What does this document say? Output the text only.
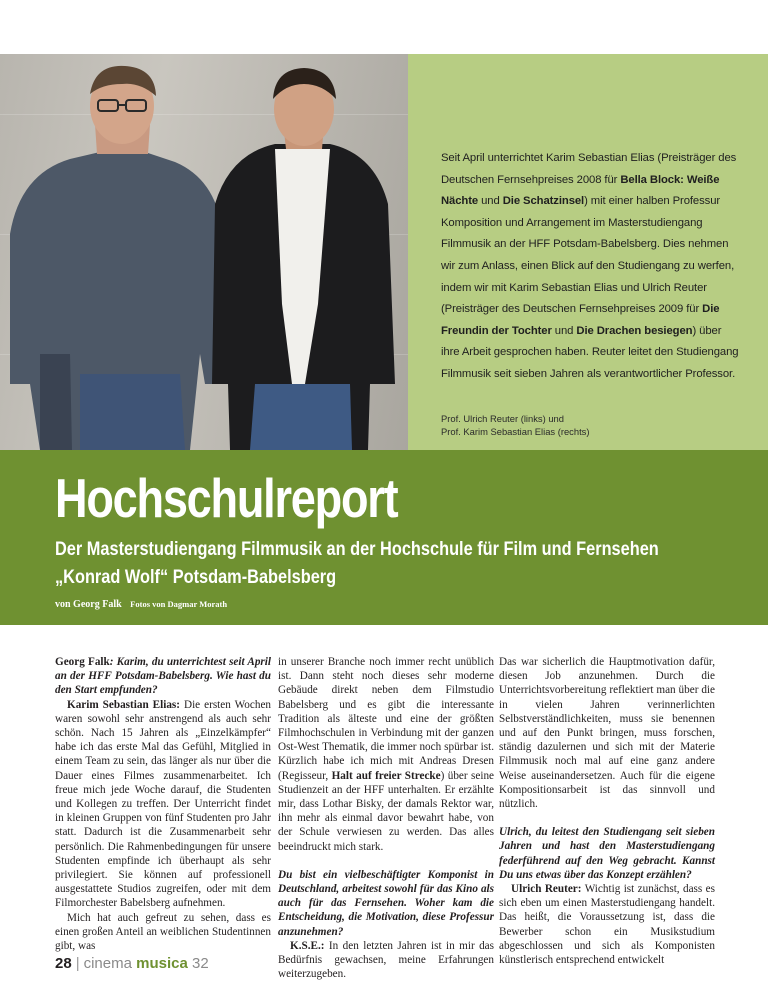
Seit April unterrichtet Karim Sebastian Elias (Preisträger des Deutschen Fernsehpreises 2008 für Bella Block: Weiße Nächte und Die Schatzinsel) mit einer halben Professur Komposition und Arrangement im Masterstudiengang Filmmusik an der HFF Potsdam-Babelsberg. Dies nehmen wir zum Anlass, einen Blick auf den Studiengang zu werfen, indem wir mit Karim Sebastian Elias und Ulrich Reuter (Preisträger des Deutschen Fernsehpreises 2009 für Die Freundin der Tochter und Die Drachen besiegen) über ihre Arbeit gesprochen haben. Reuter leitet den Studiengang Filmmusik seit sieben Jahren als verantwortlicher Professor.
Prof. Ulrich Reuter (links) und
Prof. Karim Sebastian Elias (rechts)
Hochschulreport
Der Masterstudiengang Filmmusik an der Hochschule für Film und Fernsehen
„Konrad Wolf“ Potsdam-Babelsberg
von Georg Falk Fotos von Dagmar Morath

Georg Falk: Karim, du unterrichtest seit April an der HFF Potsdam-Babelsberg. Wie hast du den Start empfunden?

Karim Sebastian Elias: Die ersten Wochen waren sowohl sehr anstrengend als auch sehr schön. Nach 15 Jahren als „Einzelkämpfer“ habe ich das erste Mal das Gefühl, Mitglied in einem Team zu sein, das länger als nur über die Dauer eines Filmes zusammenarbeitet. Ich freue mich jede Woche darauf, die Studenten und Kollegen zu treffen. Der Unterricht findet in kleinen Gruppen von fünf Studenten pro Jahr statt. Dadurch ist die Zusammenarbeit sehr persönlich. Die Rahmenbedingungen für unsere Studenten empfinde ich überhaupt als sehr privilegiert. Sie können auf professionell ausgestattete Studios zugreifen, oder mit dem Filmorchester Babelsberg aufnehmen.

Mich hat auch gefreut zu sehen, dass es einen großen Anteil an weiblichen Studentinnen gibt, was

in unserer Branche noch immer recht unüblich ist. Dann steht noch dieses sehr moderne Gebäude direkt neben dem Filmstudio Babelsberg und es gibt die interessante Tradition als älteste und eine der größten Filmhochschulen in Verbindung mit der ganzen Ost-West Thematik, die immer noch spürbar ist. Kürzlich habe ich mich mit Andreas Dresen (Regisseur, Halt auf freier Strecke) über seine Studienzeit an der HFF unterhalten. Er erzählte mir, dass Lothar Bisky, der damals Rektor war, ihn mehr als einmal davor bewahrt habe, von der Schule verwiesen zu werden. Das alles beeindruckt mich stark.

Du bist ein vielbeschäftigter Komponist in Deutschland, arbeitest sowohl für das Kino als auch für das Fernsehen. Woher kam die Entscheidung, die Motivation, diese Professur anzunehmen?

K.S.E.: In den letzten Jahren ist in mir das Bedürfnis gewachsen, meine Erfahrungen weiterzugeben.

Das war sicherlich die Hauptmotivation dafür, diesen Job anzunehmen. Durch die Unterrichtsvorbereitung reflektiert man über die in vielen Jahren verinnerlichten Selbstverständlichkeiten, muss sie benennen und auf den Punkt bringen, muss forschen, ständig dazulernen und sich mit der Materie Filmmusik noch mal auf eine ganz andere Weise auseinandersetzen. Auch für die eigene Kompositionsarbeit ist das sinnvoll und nützlich.

Ulrich, du leitest den Studiengang seit sieben Jahren und hast den Masterstudiengang federführend auf den Weg gebracht. Kannst Du uns etwas über das Konzept erzählen?

Ulrich Reuter: Wichtig ist zunächst, dass es sich eben um einen Masterstudiengang handelt. Das heißt, die Voraussetzung ist, dass die Bewerber schon ein Musikstudium abgeschlossen und sich als Komponisten künstlerisch entsprechend entwickelt

28 | cinema musica 32
